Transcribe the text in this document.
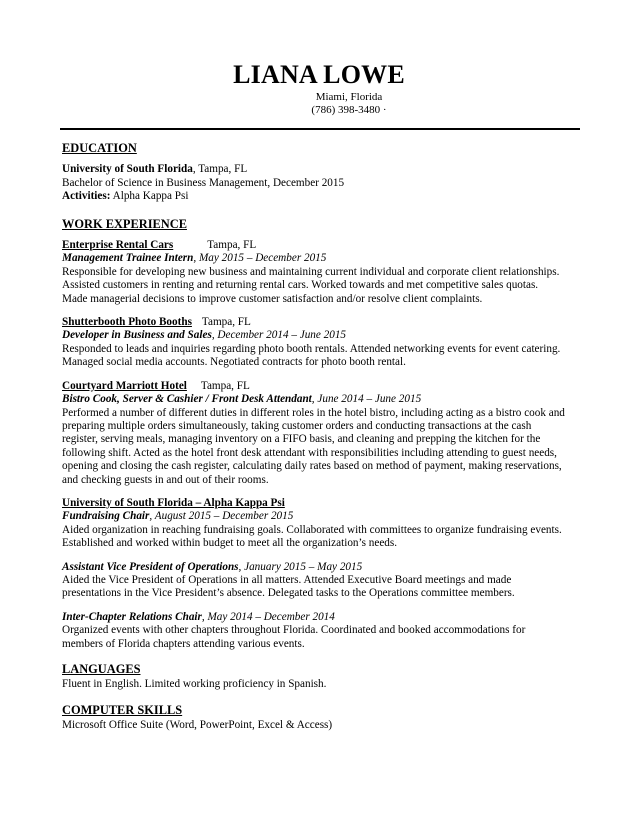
LIANA LOWE
Miami, Florida
(786) 398-3480 ·
EDUCATION
University of South Florida, Tampa, FL
Bachelor of Science in Business Management, December 2015
Activities: Alpha Kappa Psi
WORK EXPERIENCE
Enterprise Rental Cars	Tampa, FL
Management Trainee Intern, May 2015 – December 2015
Responsible for developing new business and maintaining current individual and corporate client relationships.
Assisted customers in renting and returning rental cars. Worked towards and met competitive sales quotas.
Made managerial decisions to improve customer satisfaction and/or resolve client complaints.
Shutterbooth Photo Booths Tampa, FL
Developer in Business and Sales, December 2014 – June 2015
Responded to leads and inquiries regarding photo booth rentals. Attended networking events for event catering.
Managed social media accounts. Negotiated contracts for photo booth rental.
Courtyard Marriott Hotel Tampa, FL
Bistro Cook, Server & Cashier / Front Desk Attendant, June 2014 – June 2015
Performed a number of different duties in different roles in the hotel bistro, including acting as a bistro cook and
preparing multiple orders simultaneously, taking customer orders and conducting transactions at the cash
register, serving meals, managing inventory on a FIFO basis, and cleaning and prepping the kitchen for the
following shift. Acted as the hotel front desk attendant with responsibilities including attending to guest needs,
opening and closing the cash register, calculating daily rates based on method of payment, making reservations,
and checking guests in and out of their rooms.
University of South Florida – Alpha Kappa Psi
Fundraising Chair, August 2015 – December 2015
Aided organization in reaching fundraising goals. Collaborated with committees to organize fundraising events.
Established and worked within budget to meet all the organization’s needs.
Assistant Vice President of Operations, January 2015 – May 2015
Aided the Vice President of Operations in all matters. Attended Executive Board meetings and made
presentations in the Vice President’s absence. Delegated tasks to the Operations committee members.
Inter-Chapter Relations Chair, May 2014 – December 2014
Organized events with other chapters throughout Florida. Coordinated and booked accommodations for
members of Florida chapters attending various events.
LANGUAGES
Fluent in English. Limited working proficiency in Spanish.
COMPUTER SKILLS
Microsoft Office Suite (Word, PowerPoint, Excel & Access)
